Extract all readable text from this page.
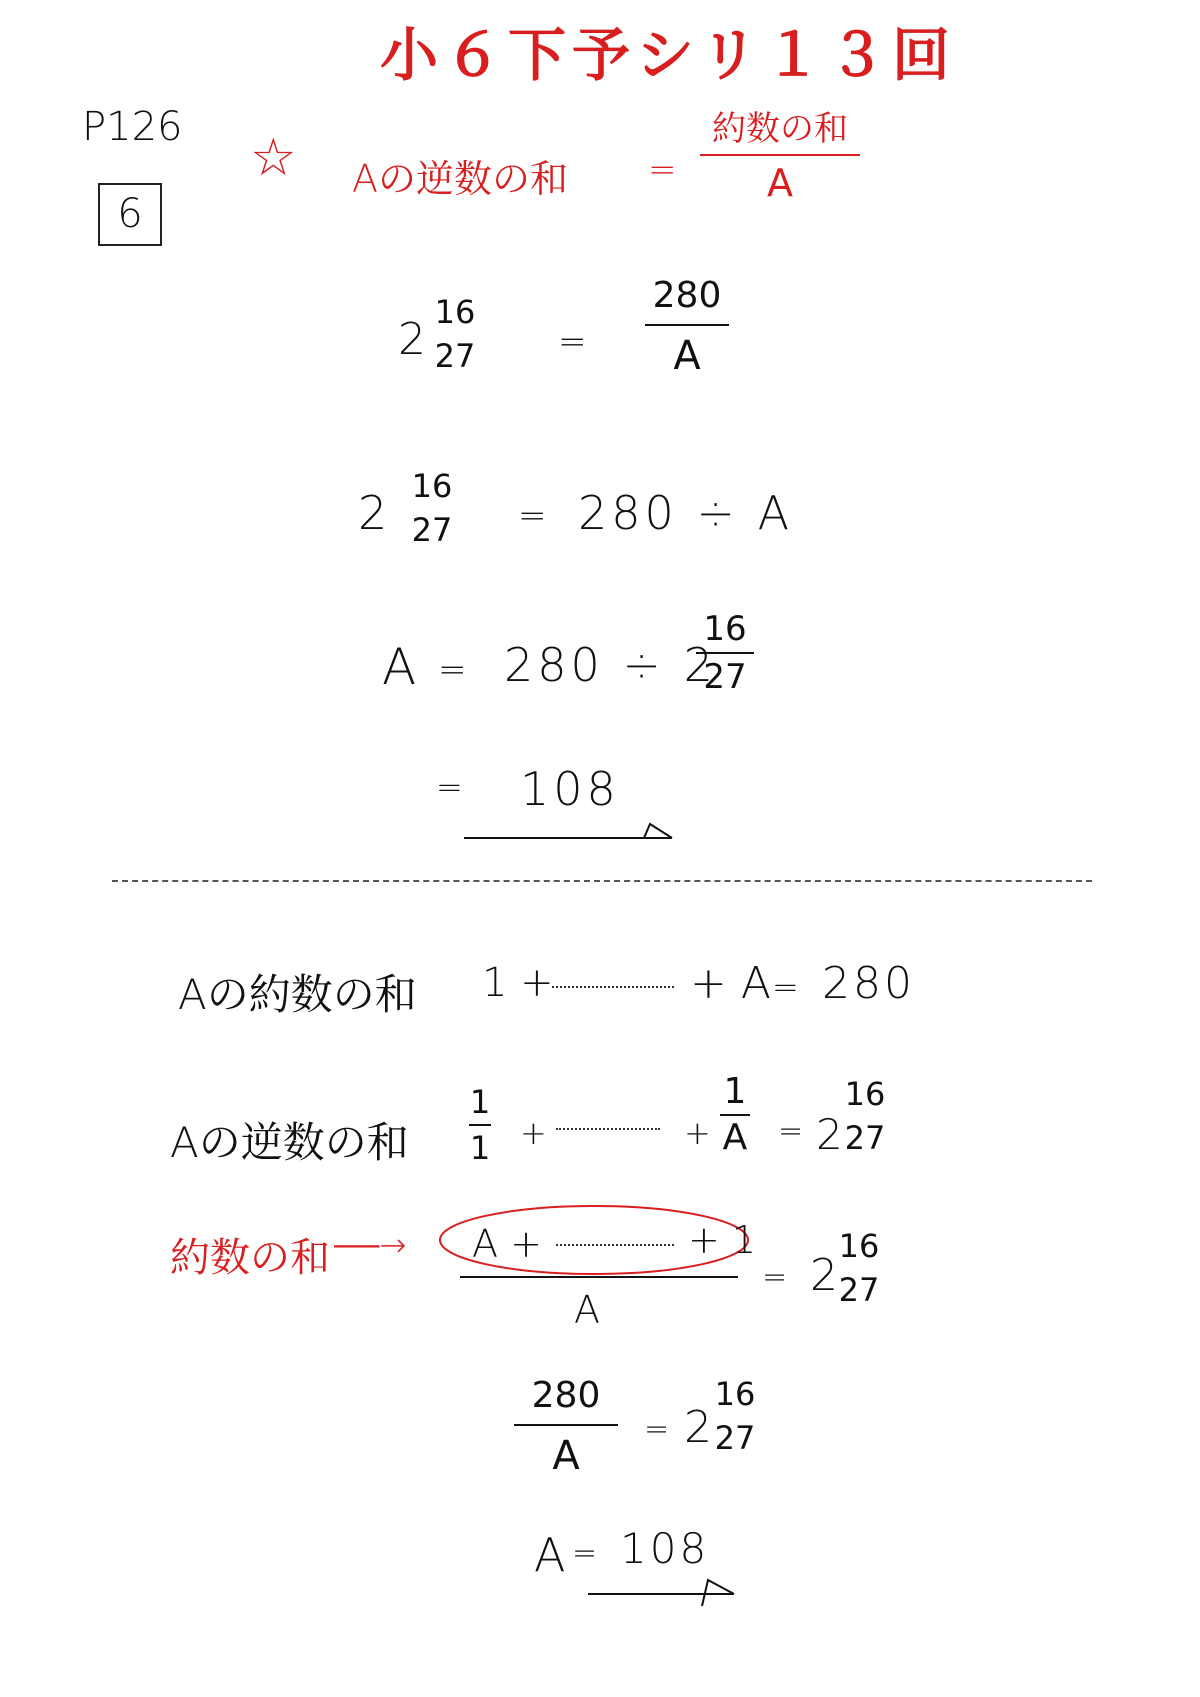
小６下予シリ１３回
P126
6
☆ Aの逆数の和 =
約数の和
A
2
16
27 =
280
A
2 16
27 = 280 ÷ A
A = 280 ÷ 2
16
27
= 108
Aの約数の和 1 +	+ A = 280
Aの逆数の和
1
1 +	+
1
A = 2
16
27
約数の和 ──→ A +	+ 1
A
= 2
16
27
280
A
= 2
16
27
A = 108
